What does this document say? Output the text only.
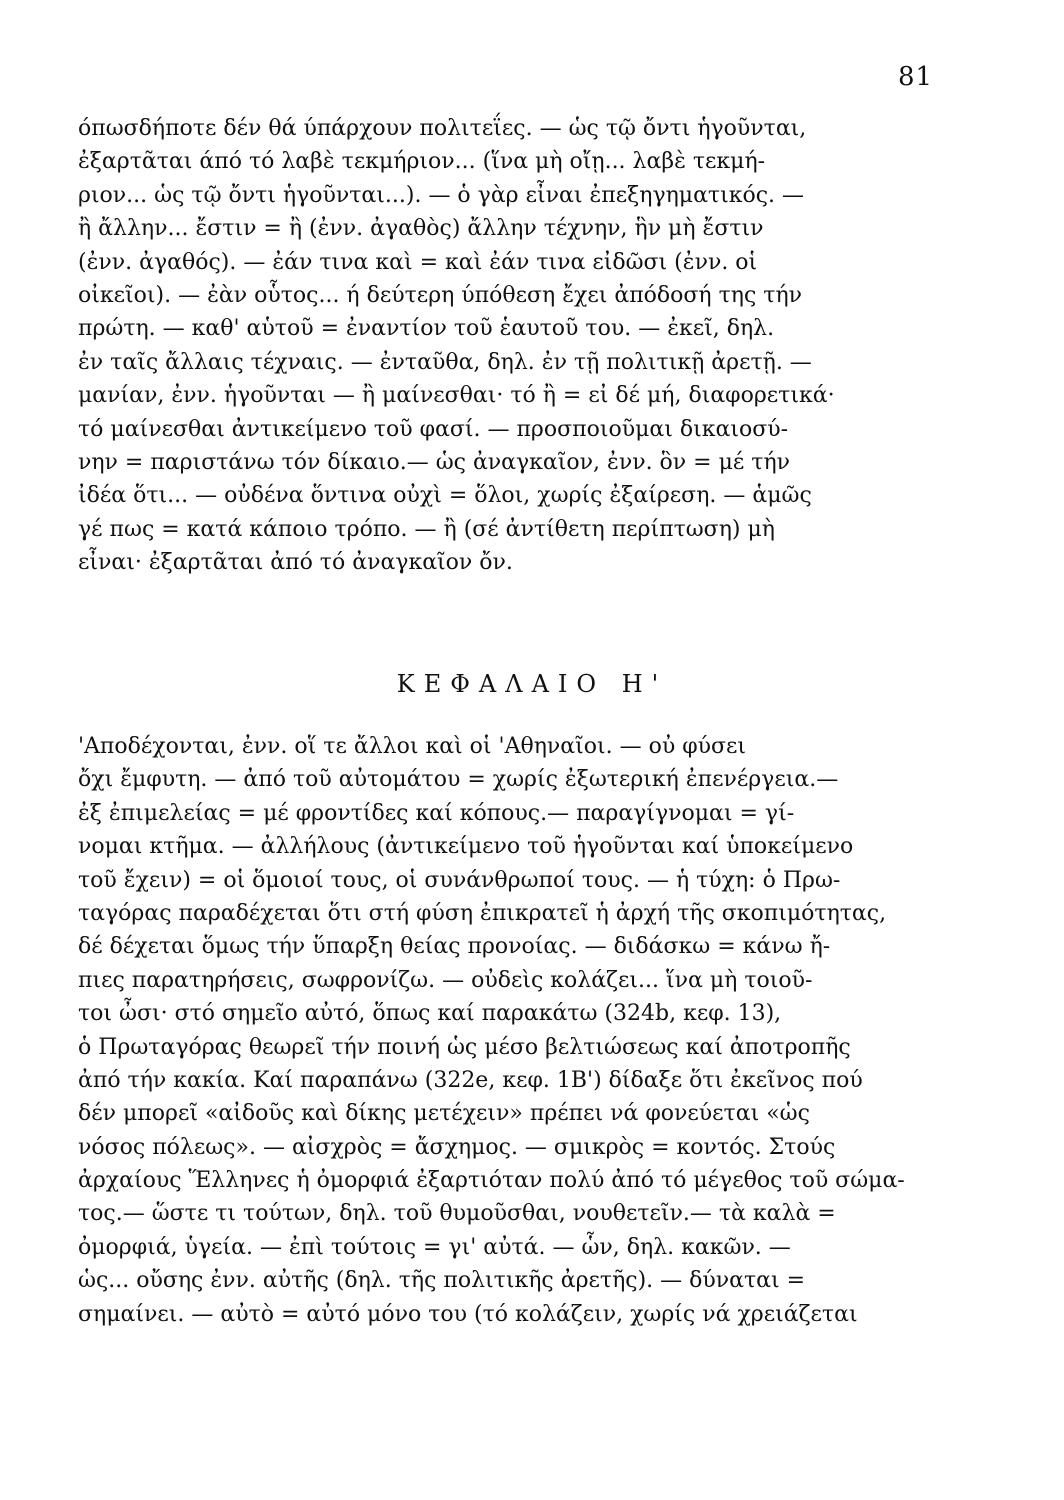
81
όπωσδήποτε δέν θά ύπάρχουν πολιτεΐες. — ὡς τῷ ὄντι ἡγοῦνται,
ἐξαρτᾶται άπό τό λαβὲ τεκμήριον... (ἵνα μὴ οἴῃ... λαβὲ τεκμή-
ριον... ὡς τῷ ὄντι ἡγοῦνται...). — ὁ γὰρ εἶναι ἐπεξηγηματικός. —
ἢ ἄλλην... ἔστιν = ἢ (ἐνν. ἀγαθὸς) ἄλλην τέχνην, ἣν μὴ ἔστιν
(ἐνν. ἀγαθός). — ἐάν τινα καὶ = καὶ ἐάν τινα εἰδῶσι (ἐνν. οἱ
οἰκεῖοι). — ἐὰν οὗτος... ή δεύτερη ύπόθεση ἔχει ἀπόδοσή της τήν
πρώτη. — καθ' αὑτοῦ = ἐναντίον τοῦ ἑαυτοῦ του. — ἐκεῖ, δηλ.
ἐν ταῖς ἄλλαις τέχναις. — ἐνταῦθα, δηλ. ἐν τῇ πολιτικῇ ἀρετῇ. —
μανίαν, ἐνν. ἡγοῦνται — ἢ μαίνεσθαι· τό ἢ = εἰ δέ μή, διαφορετικά·
τό μαίνεσθαι ἀντικείμενο τοῦ φασί. — προσποιοῦμαι δικαιοσύ-
νην = παριστάνω τόν δίκαιο.— ὡς ἀναγκαῖον, ἐνν. ὃν = μέ τήν
ἰδέα ὅτι... — οὐδένα ὅντινα οὐχὶ = ὅλοι, χωρίς ἐξαίρεση. — ἁμῶς
γέ πως = κατά κάποιο τρόπο. — ἢ (σέ ἀντίθετη περίπτωση) μὴ
εἶναι· ἐξαρτᾶται ἀπό τό ἀναγκαῖον ὄν.
ΚΕΦΑΛΑΙΟ Η'
'Αποδέχονται, ἐνν. οἵ τε ἄλλοι καὶ οἱ 'Αθηναῖοι. — οὐ φύσει
ὄχι ἔμφυτη. — ἀπό τοῦ αὐτομάτου = χωρίς ἐξωτερική ἐπενέργεια.—
ἐξ ἐπιμελείας = μέ φροντίδες καί κόπους.— παραγίγνομαι = γί-
νομαι κτῆμα. — ἀλλήλους (ἀντικείμενο τοῦ ἡγοῦνται καί ὑποκείμενο
τοῦ ἔχειν) = οἱ ὅμοιοί τους, οἱ συνάνθρωποί τους. — ἡ τύχη: ὁ Πρω-
ταγόρας παραδέχεται ὅτι στή φύση ἐπικρατεῖ ἡ ἀρχή τῆς σκοπιμότητας,
δέ δέχεται ὅμως τήν ὕπαρξη θείας προνοίας. — διδάσκω = κάνω ἤ-
πιες παρατηρήσεις, σωφρονίζω. — οὐδεὶς κολάζει... ἵνα μὴ τοιοῦ-
τοι ὦσι· στό σημεῖο αὐτό, ὅπως καί παρακάτω (324b, κεφ. 13),
ὁ Πρωταγόρας θεωρεῖ τήν ποινή ὡς μέσο βελτιώσεως καί ἀποτροπῆς
ἀπό τήν κακία. Καί παραπάνω (322e, κεφ. 1Β') δίδαξε ὅτι ἐκεῖνος πού
δέν μπορεῖ «αἰδοῦς καὶ δίκης μετέχειν» πρέπει νά φονεύεται «ὡς
νόσος πόλεως». — αἰσχρὸς = ἄσχημος. — σμικρὸς = κοντός. Στούς
ἀρχαίους Ἕλληνες ἡ ὀμορφιά ἐξαρτιόταν πολύ ἀπό τό μέγεθος τοῦ σώμα-
τος.— ὥστε τι τούτων, δηλ. τοῦ θυμοῦσθαι, νουθετεῖν.— τὰ καλὰ =
ὀμορφιά, ὑγεία. — ἐπὶ τούτοις = γι' αὐτά. — ὧν, δηλ. κακῶν. —
ὡς... οὔσης ἐνν. αὐτῆς (δηλ. τῆς πολιτικῆς ἀρετῆς). — δύναται =
σημαίνει. — αὐτὸ = αὐτό μόνο του (τό κολάζειν, χωρίς νά χρειάζεται
